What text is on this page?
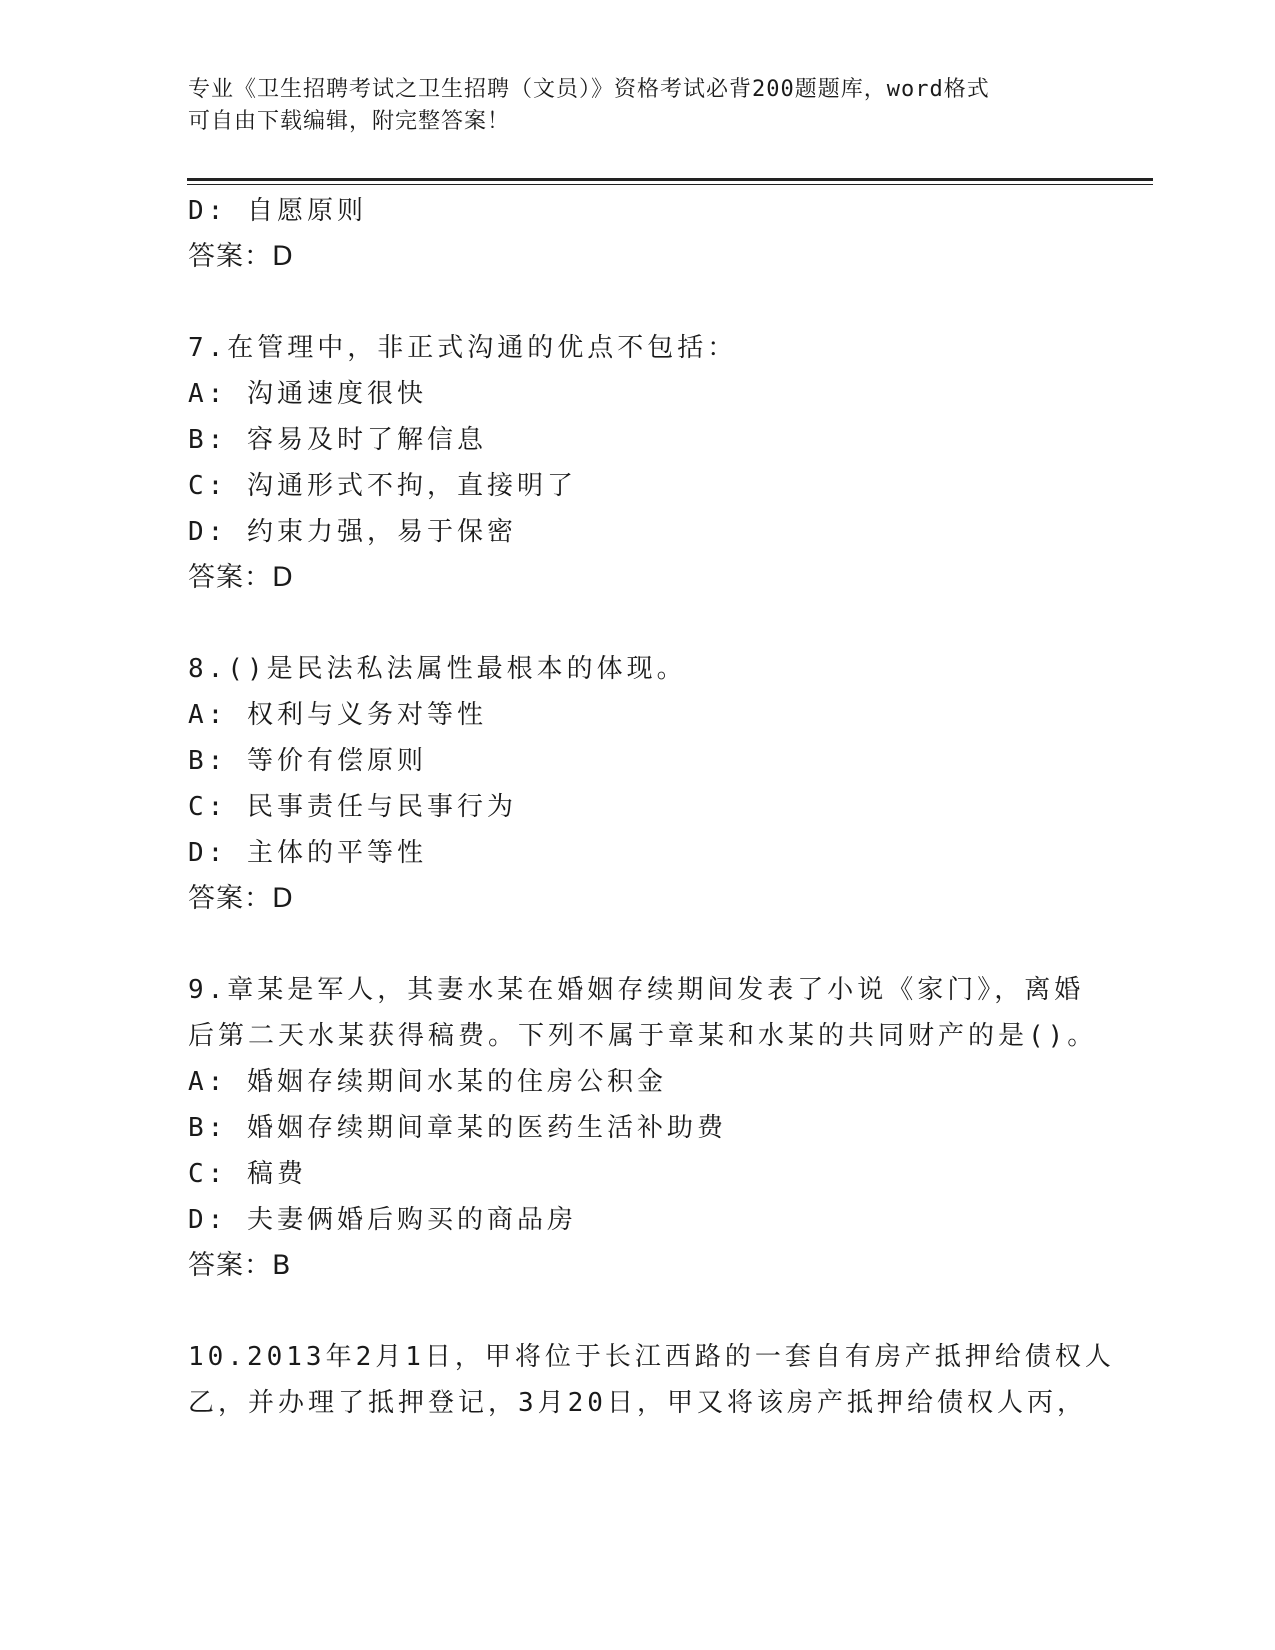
专业《卫生招聘考试之卫生招聘（文员）》资格考试必背200题题库，word格式
可自由下载编辑，附完整答案！
D: 自愿原则
答案：D
7.在管理中，非正式沟通的优点不包括：
A: 沟通速度很快
B: 容易及时了解信息
C: 沟通形式不拘，直接明了
D: 约束力强，易于保密
答案：D
8.()是民法私法属性最根本的体现。
A: 权利与义务对等性
B: 等价有偿原则
C: 民事责任与民事行为
D: 主体的平等性
答案：D
9.章某是军人，其妻水某在婚姻存续期间发表了小说《家门》，离婚
后第二天水某获得稿费。下列不属于章某和水某的共同财产的是()。
A: 婚姻存续期间水某的住房公积金
B: 婚姻存续期间章某的医药生活补助费
C: 稿费
D: 夫妻俩婚后购买的商品房
答案：B
10.2013年2月1日，甲将位于长江西路的一套自有房产抵押给债权人
乙，并办理了抵押登记，3月20日，甲又将该房产抵押给债权人丙，
